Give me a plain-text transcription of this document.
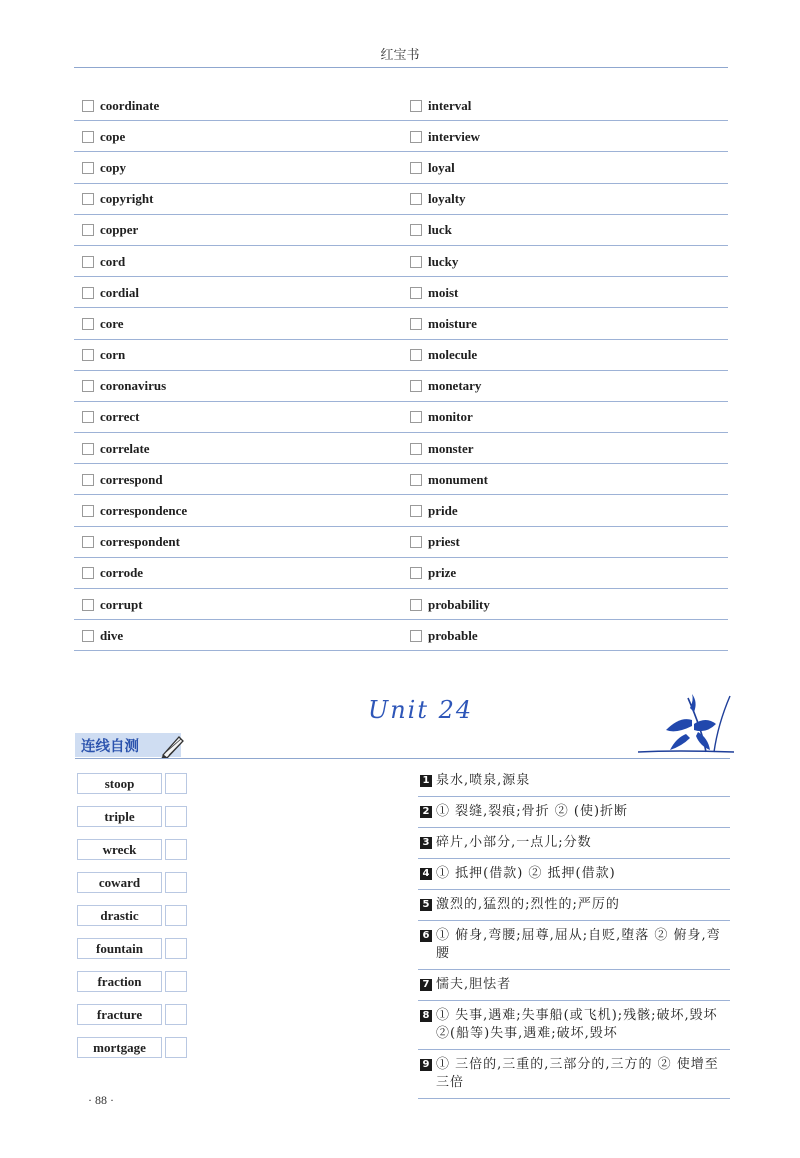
红宝书
coordinate	interval
cope	interview
copy	loyal
copyright	loyalty
copper	luck
cord	lucky
cordial	moist
core	moisture
corn	molecule
coronavirus	monetary
correct	monitor
correlate	monster
correspond	monument
correspondence	pride
correspondent	priest
corrode	prize
corrupt	probability
dive	probable
Unit 24
连线自测
stoop
triple
wreck
coward
drastic
fountain
fraction
fracture
mortgage
1 泉水,喷泉,源泉
2 ① 裂缝,裂痕;骨折 ② (使)折断
3 碎片,小部分,一点儿;分数
4 ① 抵押(借款) ② 抵押(借款)
5 激烈的,猛烈的;烈性的;严厉的
6 ① 俯身,弯腰;屈尊,屈从;自贬,堕落 ② 俯身,弯腰
7 懦夫,胆怯者
8 ① 失事,遇难;失事船(或飞机);残骸;破坏,毁坏 ②(船等)失事,遇难;破坏,毁坏
9 ① 三倍的,三重的,三部分的,三方的 ② 使增至三倍
· 88 ·
